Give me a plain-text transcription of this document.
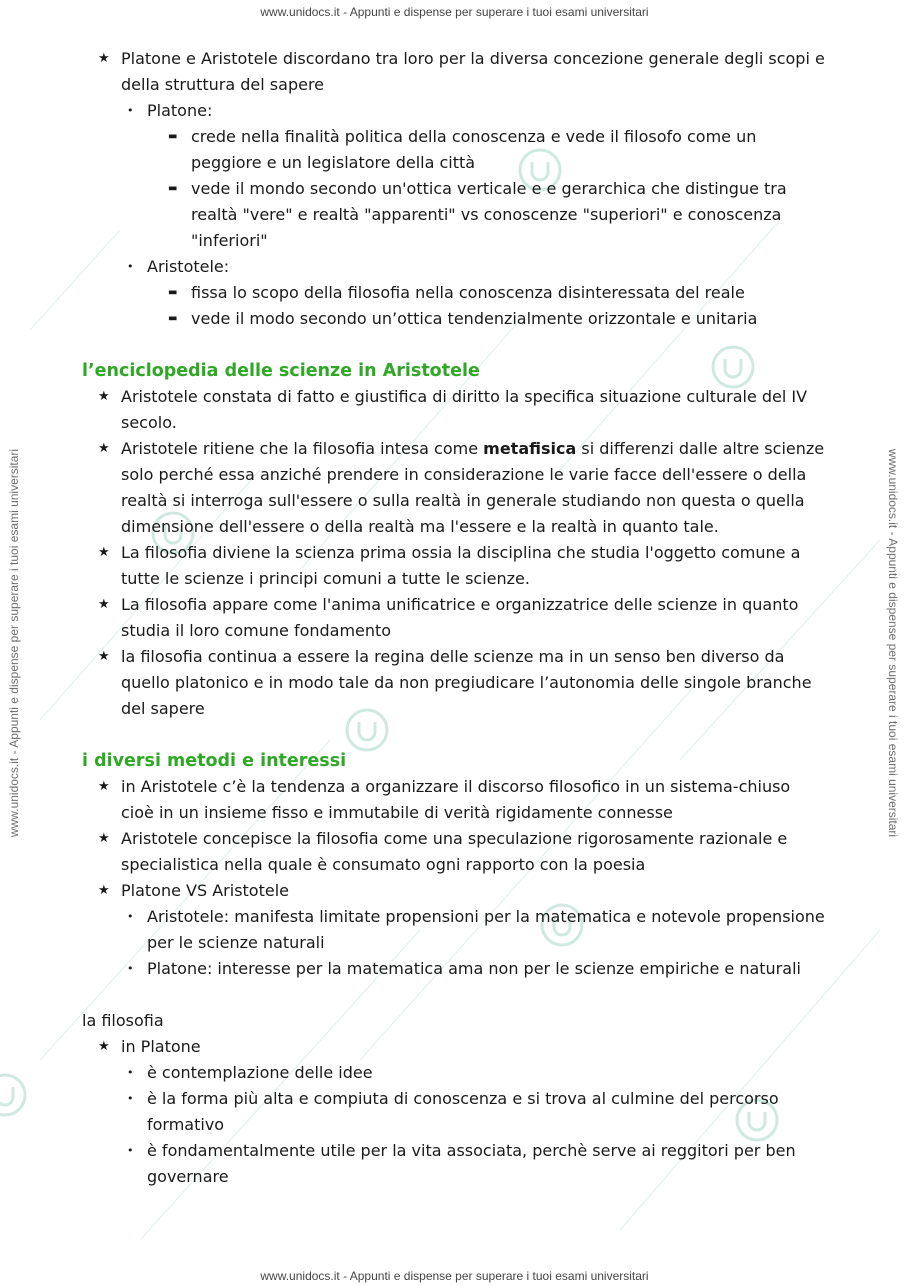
www.unidocs.it - Appunti e dispense per superare i tuoi esami universitari
www.unidocs.it - Appunti e dispense per superare i tuoi esami universitari
www.unidocs.it - Appunti e dispense per superare i tuoi esami universitari	www.unidocs.it - Appunti e dispense per superare i tuoi esami universitari
★ Platone e Aristotele discordano tra loro per la diversa concezione generale degli scopi e della struttura del sapere
• Platone:
▬ crede nella finalità politica della conoscenza e vede il filosofo come un peggiore e un legislatore della città
▬ vede il mondo secondo un'ottica verticale e e gerarchica che distingue tra realtà "vere" e realtà "apparenti" vs conoscenze "superiori" e conoscenza "inferiori"
• Aristotele:
▬ fissa lo scopo della filosofia nella conoscenza disinteressata del reale
▬ vede il modo secondo un’ottica tendenzialmente orizzontale e unitaria
l’enciclopedia delle scienze in Aristotele
★ Aristotele constata di fatto e giustifica di diritto la specifica situazione culturale del IV secolo.
★ Aristotele ritiene che la filosofia intesa come metafisica si differenzi dalle altre scienze solo perché essa anziché prendere in considerazione le varie facce dell'essere o della realtà si interroga sull'essere o sulla realtà in generale studiando non questa o quella dimensione dell'essere o della realtà ma l'essere e la realtà in quanto tale.
★ La filosofia diviene la scienza prima ossia la disciplina che studia l'oggetto comune a tutte le scienze i principi comuni a tutte le scienze.
★ La filosofia appare come l'anima unificatrice e organizzatrice delle scienze in quanto studia il loro comune fondamento
★ la filosofia continua a essere la regina delle scienze ma in un senso ben diverso da quello platonico e in modo tale da non pregiudicare l’autonomia delle singole branche del sapere
i diversi metodi e interessi
★ in Aristotele c’è la tendenza a organizzare il discorso filosofico in un sistema-chiuso cioè in un insieme fisso e immutabile di verità rigidamente connesse
★ Aristotele concepisce la filosofia come una speculazione rigorosamente razionale e specialistica nella quale è consumato ogni rapporto con la poesia
★ Platone VS Aristotele
• Aristotele: manifesta limitate propensioni per la matematica e notevole propensione per le scienze naturali
• Platone: interesse per la matematica ama non per le scienze empiriche e naturali
la filosofia
★ in Platone
• è contemplazione delle idee
• è la forma più alta e compiuta di conoscenza e si trova al culmine del percorso formativo
• è fondamentalmente utile per la vita associata, perchè serve ai reggitori per ben governare
